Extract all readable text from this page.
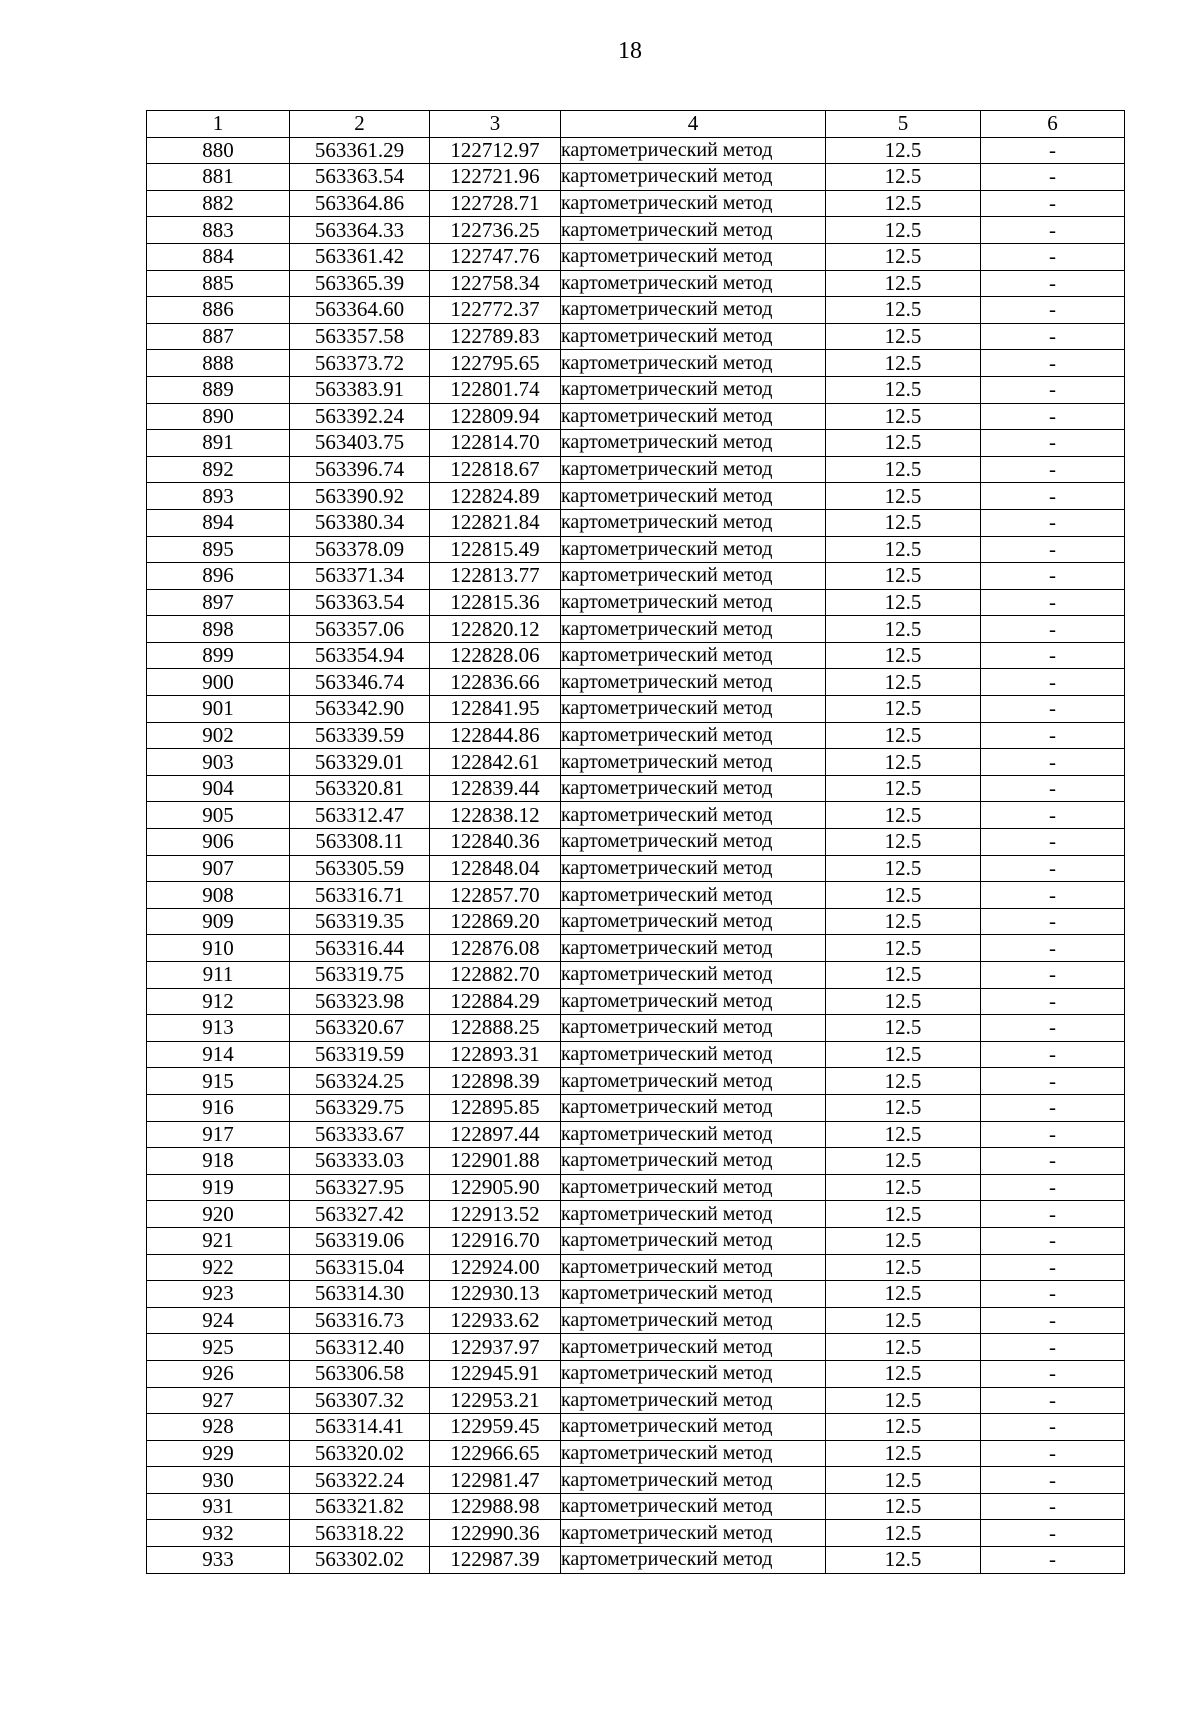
18
1	2	3	4	5	6
880	563361.29	122712.97	картометрический метод	12.5	-
881	563363.54	122721.96	картометрический метод	12.5	-
882	563364.86	122728.71	картометрический метод	12.5	-
883	563364.33	122736.25	картометрический метод	12.5	-
884	563361.42	122747.76	картометрический метод	12.5	-
885	563365.39	122758.34	картометрический метод	12.5	-
886	563364.60	122772.37	картометрический метод	12.5	-
887	563357.58	122789.83	картометрический метод	12.5	-
888	563373.72	122795.65	картометрический метод	12.5	-
889	563383.91	122801.74	картометрический метод	12.5	-
890	563392.24	122809.94	картометрический метод	12.5	-
891	563403.75	122814.70	картометрический метод	12.5	-
892	563396.74	122818.67	картометрический метод	12.5	-
893	563390.92	122824.89	картометрический метод	12.5	-
894	563380.34	122821.84	картометрический метод	12.5	-
895	563378.09	122815.49	картометрический метод	12.5	-
896	563371.34	122813.77	картометрический метод	12.5	-
897	563363.54	122815.36	картометрический метод	12.5	-
898	563357.06	122820.12	картометрический метод	12.5	-
899	563354.94	122828.06	картометрический метод	12.5	-
900	563346.74	122836.66	картометрический метод	12.5	-
901	563342.90	122841.95	картометрический метод	12.5	-
902	563339.59	122844.86	картометрический метод	12.5	-
903	563329.01	122842.61	картометрический метод	12.5	-
904	563320.81	122839.44	картометрический метод	12.5	-
905	563312.47	122838.12	картометрический метод	12.5	-
906	563308.11	122840.36	картометрический метод	12.5	-
907	563305.59	122848.04	картометрический метод	12.5	-
908	563316.71	122857.70	картометрический метод	12.5	-
909	563319.35	122869.20	картометрический метод	12.5	-
910	563316.44	122876.08	картометрический метод	12.5	-
911	563319.75	122882.70	картометрический метод	12.5	-
912	563323.98	122884.29	картометрический метод	12.5	-
913	563320.67	122888.25	картометрический метод	12.5	-
914	563319.59	122893.31	картометрический метод	12.5	-
915	563324.25	122898.39	картометрический метод	12.5	-
916	563329.75	122895.85	картометрический метод	12.5	-
917	563333.67	122897.44	картометрический метод	12.5	-
918	563333.03	122901.88	картометрический метод	12.5	-
919	563327.95	122905.90	картометрический метод	12.5	-
920	563327.42	122913.52	картометрический метод	12.5	-
921	563319.06	122916.70	картометрический метод	12.5	-
922	563315.04	122924.00	картометрический метод	12.5	-
923	563314.30	122930.13	картометрический метод	12.5	-
924	563316.73	122933.62	картометрический метод	12.5	-
925	563312.40	122937.97	картометрический метод	12.5	-
926	563306.58	122945.91	картометрический метод	12.5	-
927	563307.32	122953.21	картометрический метод	12.5	-
928	563314.41	122959.45	картометрический метод	12.5	-
929	563320.02	122966.65	картометрический метод	12.5	-
930	563322.24	122981.47	картометрический метод	12.5	-
931	563321.82	122988.98	картометрический метод	12.5	-
932	563318.22	122990.36	картометрический метод	12.5	-
933	563302.02	122987.39	картометрический метод	12.5	-
